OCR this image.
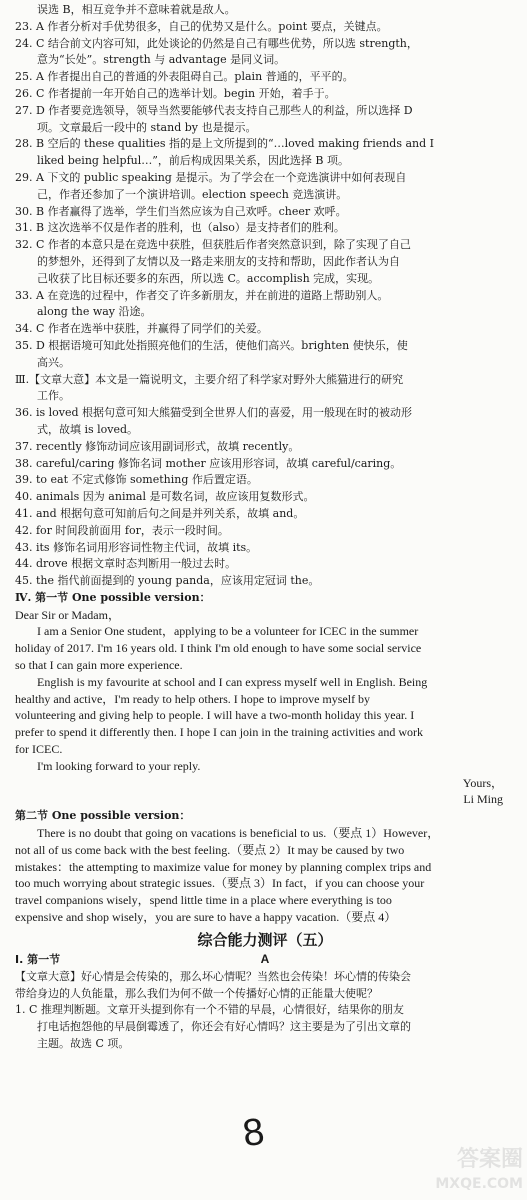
误选 B，相互竞争并不意味着就是敌人。
23. A 作者分析对手优势很多，自己的优势又是什么。point 要点，关键点。
24. C 结合前文内容可知，此处谈论的仍然是自己有哪些优势，所以选 strength，
意为“长处”。strength 与 advantage 是同义词。
25. A 作者提出自己的普通的外表阻碍自己。plain 普通的，平平的。
26. C 作者提前一年开始自己的选举计划。begin 开始，着手于。
27. D 作者要竞选领导，领导当然要能够代表支持自己那些人的利益，所以选择 D
项。文章最后一段中的 stand by 也是提示。
28. B 空后的 these qualities 指的是上文所提到的“…loved making friends and I
liked being helpful…”，前后构成因果关系，因此选择 B 项。
29. A 下文的 public speaking 是提示。为了学会在一个竞选演讲中如何表现自
己，作者还参加了一个演讲培训。election speech 竞选演讲。
30. B 作者赢得了选举，学生们当然应该为自己欢呼。cheer 欢呼。
31. B 这次选举不仅是作者的胜利，也（also）是支持者们的胜利。
32. C 作者的本意只是在竞选中获胜，但获胜后作者突然意识到，除了实现了自己
的梦想外，还得到了友情以及一路走来朋友的支持和帮助，因此作者认为自
己收获了比目标还要多的东西，所以选 C。accomplish 完成，实现。
33. A 在竞选的过程中，作者交了许多新朋友，并在前进的道路上帮助别人。
along the way 沿途。
34. C 作者在选举中获胜，并赢得了同学们的关爱。
35. D 根据语境可知此处指照亮他们的生活，使他们高兴。brighten 使快乐，使
高兴。
Ⅲ.【文章大意】本文是一篇说明文，主要介绍了科学家对野外大熊猫进行的研究
工作。
36. is loved 根据句意可知大熊猫受到全世界人们的喜爱，用一般现在时的被动形
式，故填 is loved。
37. recently 修饰动词应该用副词形式，故填 recently。
38. careful/caring 修饰名词 mother 应该用形容词，故填 careful/caring。
39. to eat 不定式修饰 something 作后置定语。
40. animals 因为 animal 是可数名词，故应该用复数形式。
41. and 根据句意可知前后句之间是并列关系，故填 and。
42. for 时间段前面用 for，表示一段时间。
43. its 修饰名词用形容词性物主代词，故填 its。
44. drove 根据文章时态判断用一般过去时。
45. the 指代前面提到的 young panda，应该用定冠词 the。
Ⅳ. 第一节 One possible version：
Dear Sir or Madam，
I am a Senior One student，applying to be a volunteer for ICEC in the summer
holiday of 2017. I'm 16 years old. I think I'm old enough to have some social service
so that I can gain more experience.
English is my favourite at school and I can express myself well in English. Being
healthy and active，I'm ready to help others. I hope to improve myself by
volunteering and giving help to people. I will have a two-month holiday this year. I
prefer to spend it differently then. I hope I can join in the training activities and work
for ICEC.
I'm looking forward to your reply.
Yours，
Li Ming
第二节 One possible version：
There is no doubt that going on vacations is beneficial to us.（要点 1）However，
not all of us come back with the best feeling.（要点 2）It may be caused by two
mistakes：the attempting to maximize value for money by planning complex trips and
too much worrying about strategic issues.（要点 3）In fact，if you can choose your
travel companions wisely，spend little time in a place where everything is too
expensive and shop wisely，you are sure to have a happy vacation.（要点 4）
综合能力测评（五）
Ⅰ. 第一节	A
【文章大意】好心情是会传染的，那么坏心情呢？当然也会传染！坏心情的传染会
带给身边的人负能量，那么我们为何不做一个传播好心情的正能量大使呢？
1. C 推理判断题。文章开头提到你有一个不错的早晨，心情很好，结果你的朋友
打电话抱怨他的早晨倒霉透了，你还会有好心情吗？这主要是为了引出文章的
主题。故选 C 项。
8
答案圈
MXQE.COM
